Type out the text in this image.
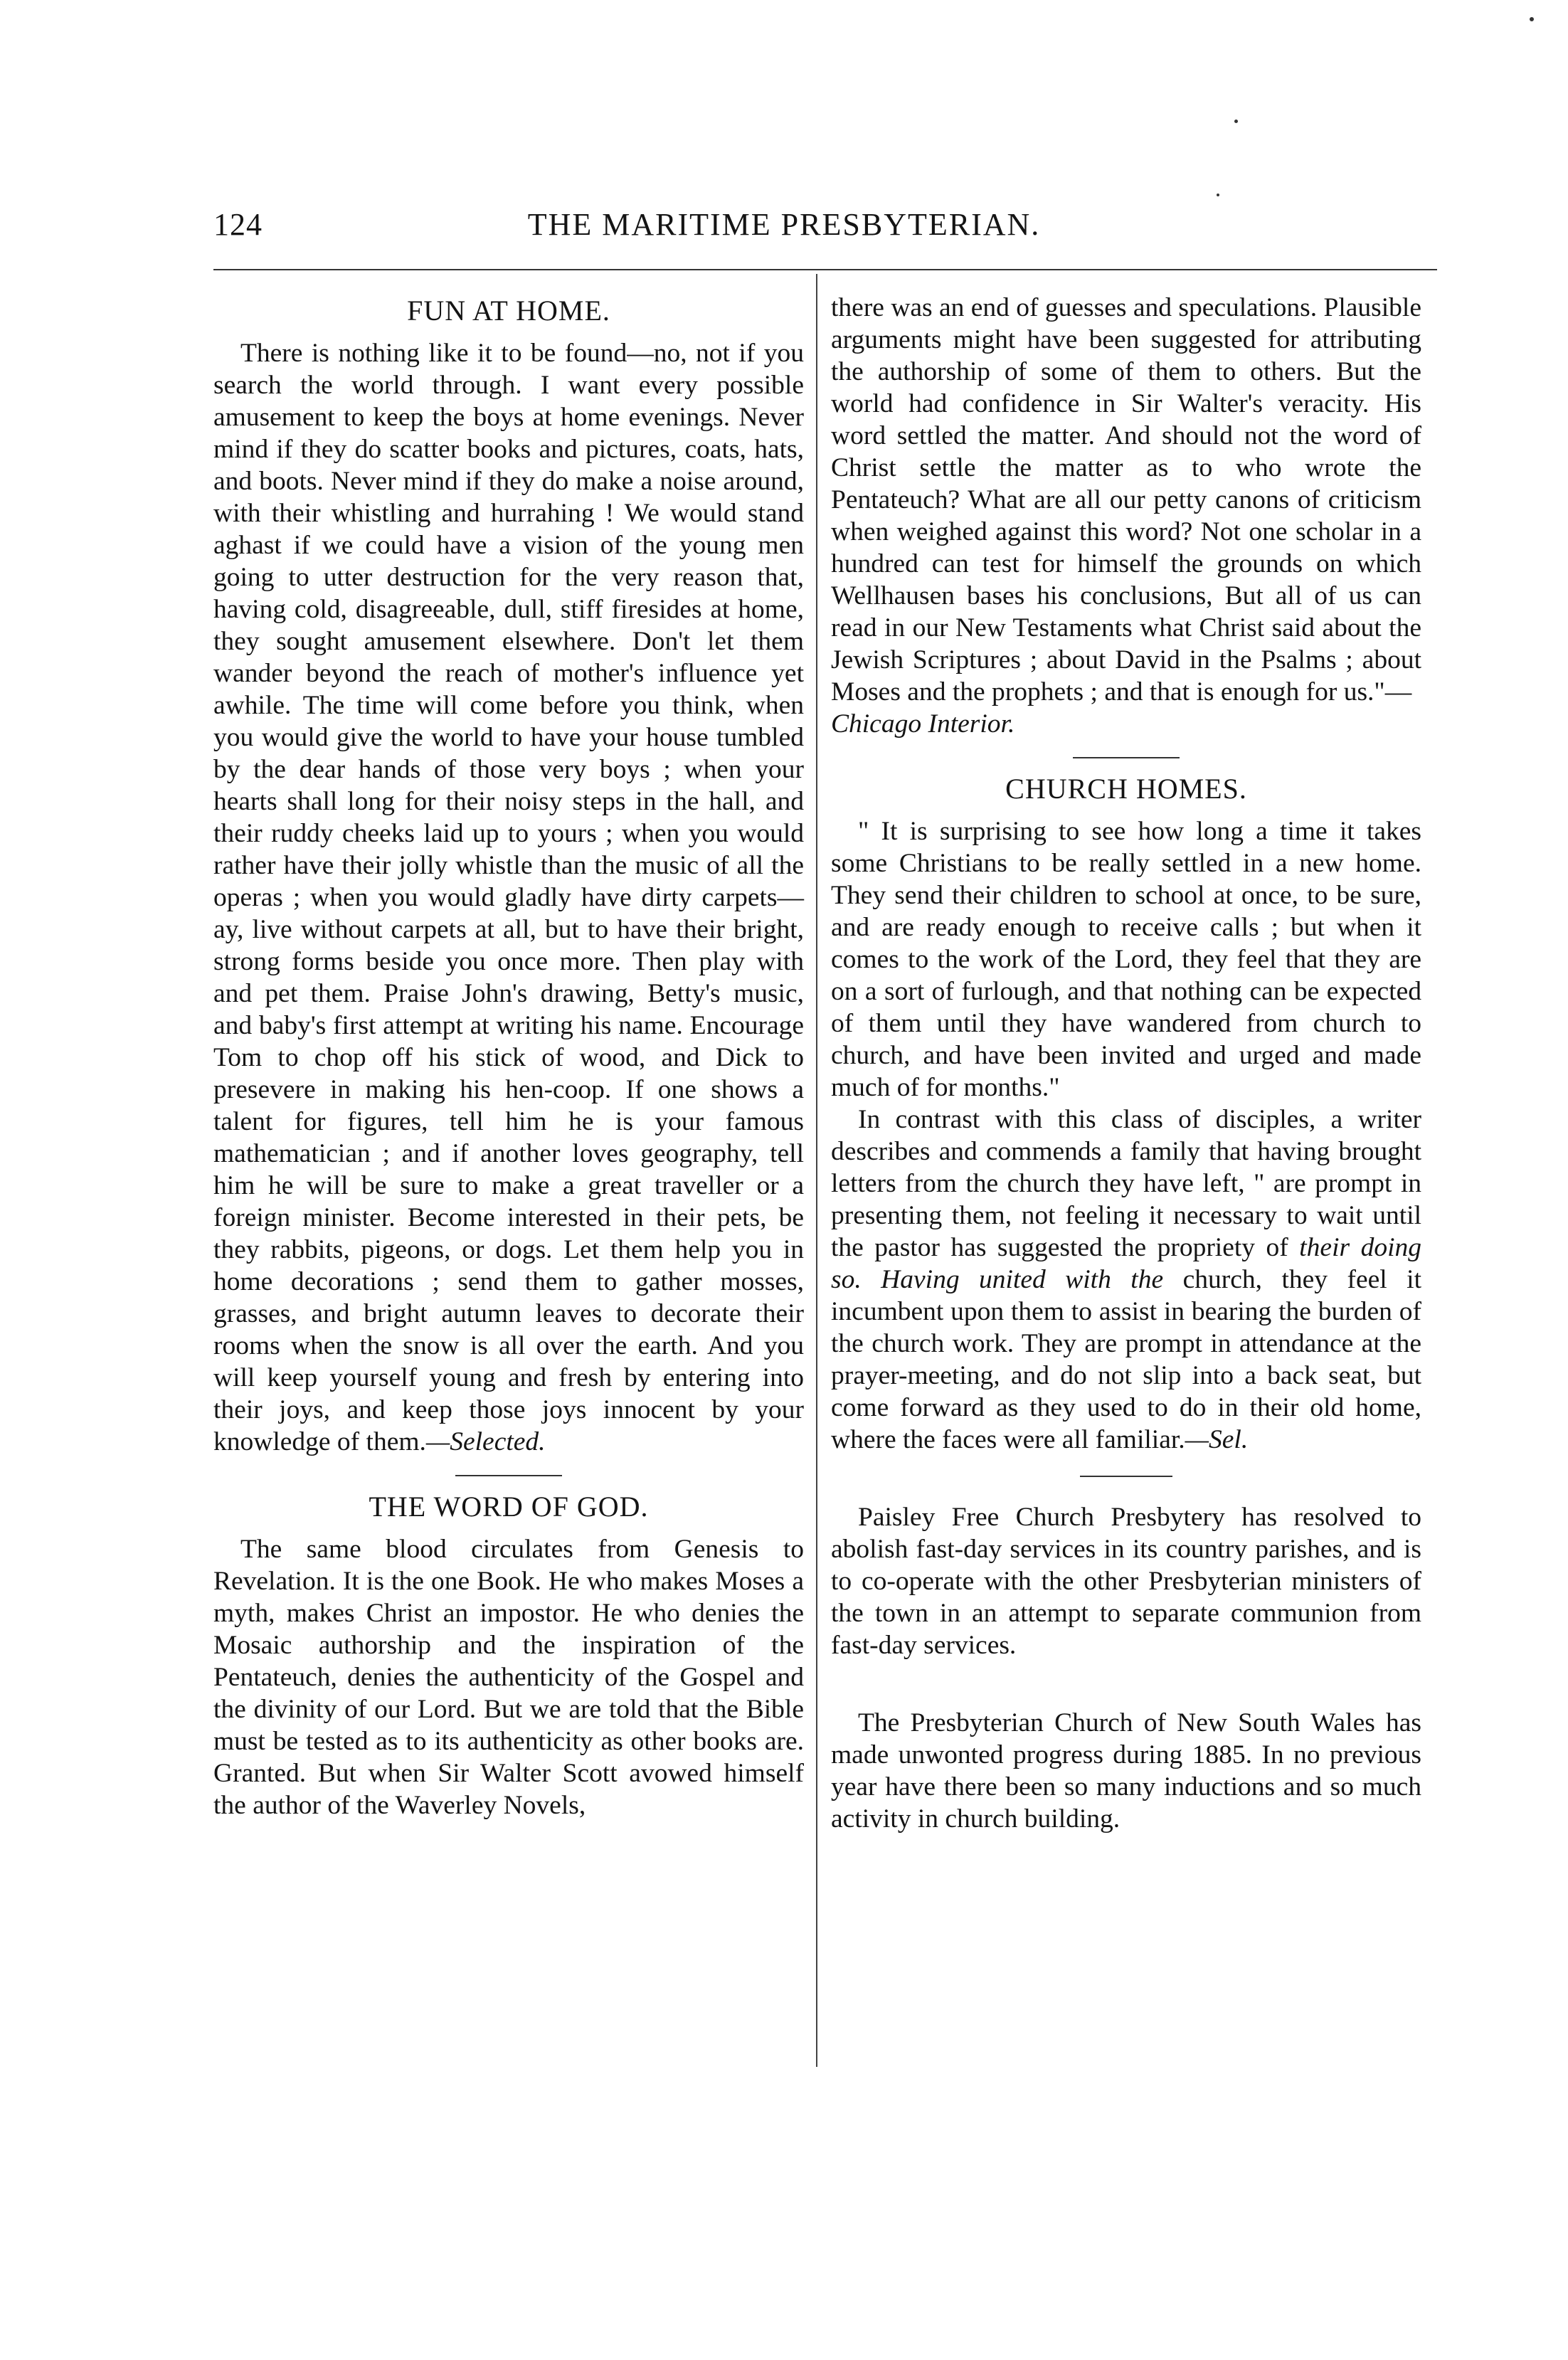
124	THE MARITIME PRESBYTERIAN.
FUN AT HOME.

There is nothing like it to be found—no, not if you search the world through. I want every possible amusement to keep the boys at home evenings. Never mind if they do scatter books and pictures, coats, hats, and boots. Never mind if they do make a noise around, with their whistling and hurrahing ! We would stand aghast if we could have a vision of the young men going to utter destruction for the very reason that, having cold, disagreeable, dull, stiff firesides at home, they sought amusement elsewhere. Don't let them wander beyond the reach of mother's influence yet awhile. The time will come before you think, when you would give the world to have your house tumbled by the dear hands of those very boys ; when your hearts shall long for their noisy steps in the hall, and their ruddy cheeks laid up to yours ; when you would rather have their jolly whistle than the music of all the operas ; when you would gladly have dirty carpets—ay, live without carpets at all, but to have their bright, strong forms beside you once more. Then play with and pet them. Praise John's drawing, Betty's music, and baby's first attempt at writing his name. Encourage Tom to chop off his stick of wood, and Dick to presevere in making his hen-coop. If one shows a talent for figures, tell him he is your famous mathematician ; and if another loves geography, tell him he will be sure to make a great traveller or a foreign minister. Become interested in their pets, be they rabbits, pigeons, or dogs. Let them help you in home decorations ; send them to gather mosses, grasses, and bright autumn leaves to decorate their rooms when the snow is all over the earth. And you will keep yourself young and fresh by entering into their joys, and keep those joys innocent by your knowledge of them.—Selected.

THE WORD OF GOD.

The same blood circulates from Genesis to Revelation. It is the one Book. He who makes Moses a myth, makes Christ an impostor. He who denies the Mosaic authorship and the inspiration of the Pentateuch, denies the authenticity of the Gospel and the divinity of our Lord. But we are told that the Bible must be tested as to its authenticity as other books are. Granted. But when Sir Walter Scott avowed himself the author of the Waverley Novels,

there was an end of guesses and speculations. Plausible arguments might have been suggested for attributing the authorship of some of them to others. But the world had confidence in Sir Walter's veracity. His word settled the matter. And should not the word of Christ settle the matter as to who wrote the Pentateuch? What are all our petty canons of criticism when weighed against this word? Not one scholar in a hundred can test for himself the grounds on which Wellhausen bases his conclusions, But all of us can read in our New Testaments what Christ said about the Jewish Scriptures ; about David in the Psalms ; about Moses and the prophets ; and that is enough for us."—
Chicago Interior.

CHURCH HOMES.

" It is surprising to see how long a time it takes some Christians to be really settled in a new home. They send their children to school at once, to be sure, and are ready enough to receive calls ; but when it comes to the work of the Lord, they feel that they are on a sort of furlough, and that nothing can be expected of them until they have wandered from church to church, and have been invited and urged and made much of for months."

In contrast with this class of disciples, a writer describes and commends a family that having brought letters from the church they have left, " are prompt in presenting them, not feeling it necessary to wait until the pastor has suggested the propriety of their doing so. Having united with the church, they feel it incumbent upon them to assist in bearing the burden of the church work. They are prompt in attendance at the prayer-meeting, and do not slip into a back seat, but come forward as they used to do in their old home, where the faces were all familiar.—Sel.

Paisley Free Church Presbytery has resolved to abolish fast-day services in its country parishes, and is to co-operate with the other Presbyterian ministers of the town in an attempt to separate communion from fast-day services.

The Presbyterian Church of New South Wales has made unwonted progress during 1885. In no previous year have there been so many inductions and so much activity in church building.
